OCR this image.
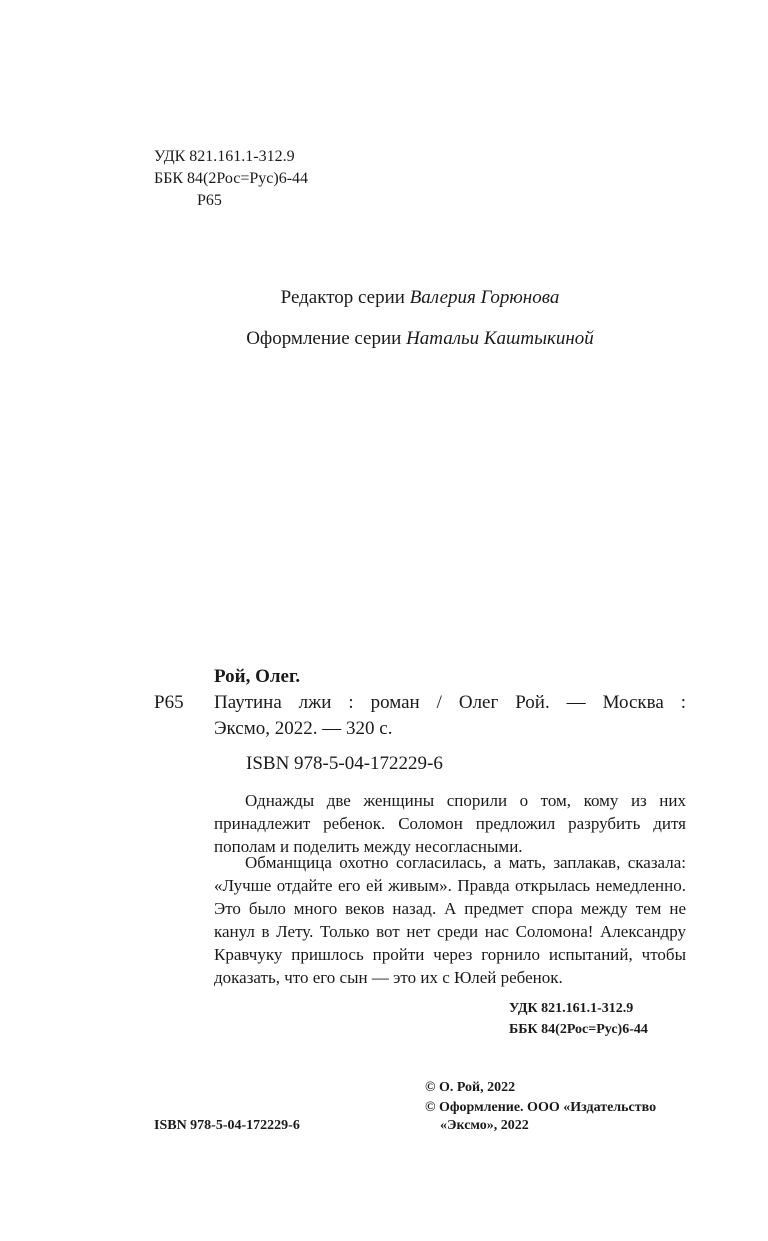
УДК 821.161.1-312.9
ББК 84(2Рос=Рус)6-44
Р65
Редактор серии Валерия Горюнова
Оформление серии Натальи Каштыкиной
Рой, Олег.
Р65 Паутина лжи : роман / Олег Рой. — Москва :
Эксмо, 2022. — 320 с.
ISBN 978-5-04-172229-6
Однажды две женщины спорили о том, кому из них принадлежит ребенок. Соломон предложил разрубить дитя пополам и поделить между несогласными.
Обманщица охотно согласилась, а мать, заплакав, сказала: «Лучше отдайте его ей живым». Правда открылась немедленно. Это было много веков назад. А предмет спора между тем не канул в Лету. Только вот нет среди нас Соломона! Александру Кравчуку пришлось пройти через горнило испытаний, чтобы доказать, что его сын — это их с Юлей ребенок.
УДК 821.161.1-312.9
ББК 84(2Рос=Рус)6-44
© О. Рой, 2022
© Оформление. ООО «Издательство
«Эксмо», 2022
ISBN 978-5-04-172229-6
